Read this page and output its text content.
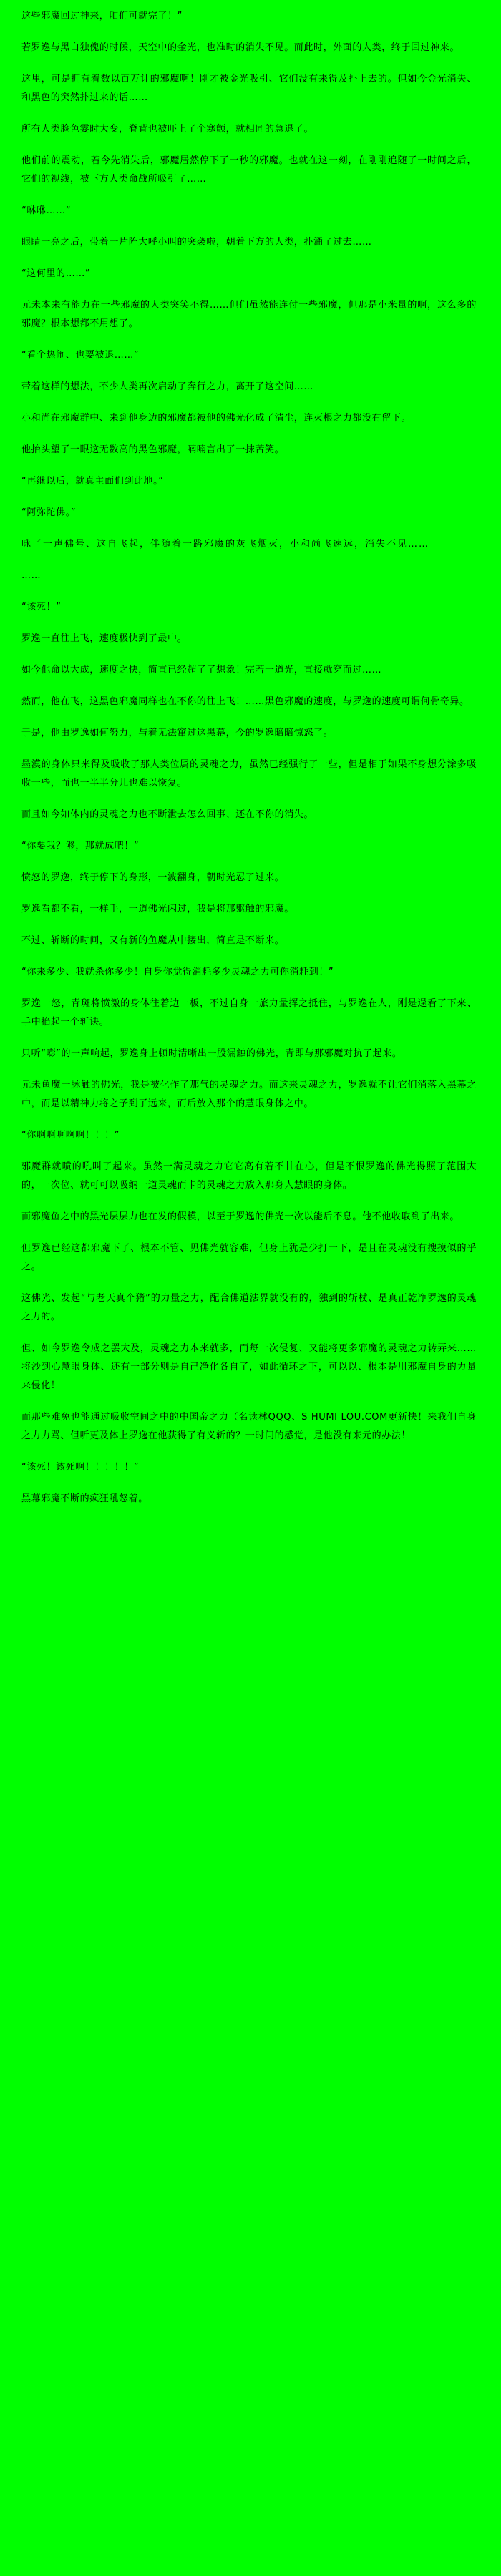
这些邪魔回过神来，咱们可就完了！”

若罗逸与黑白独傀的时候，天空中的金光，也准时的消失不见。而此时，外面的人类，终于回过神来。

这里，可是拥有着数以百万计的邪魔啊！刚才被金光吸引、它们没有来得及扑上去的。但如今金光消失、和黑色的突然扑过来的话……

所有人类脸色霎时大变，脊背也被吓上了个寒颤，就相同的急退了。

他们前的震动，若今先消失后，邪魔居然停下了一秒的邪魔。也就在这一刻，在刚刚追随了一时间之后，它们的视线，被下方人类命战所吸引了……

“咻咻……”

眼睛一亮之后，带着一片阵大呼小叫的突袭啦，朝着下方的人类，扑涌了过去……

“这何里的……”

元未本来有能力在一些邪魔的人类突笑不得……但们虽然能连付一些邪魔，但那是小米量的啊，这么多的邪魔？根本想都不用想了。

“看个热闹、也要被退……”

带着这样的想法，不少人类再次启动了奔行之力，离开了这空间……

小和尚在邪魔群中、来到他身边的邪魔都被他的佛光化成了清尘，连灭根之力都没有留下。

他抬头望了一眼这无数高的黑色邪魔，喃喃言出了一抹苦笑。

“再继以后，就真主面们到此地。”

“阿弥陀佛。”

咏了一声佛号、这自飞起，伴随着一路邪魔的灰飞烟灭，小和尚飞速远，消失不见……

……

“该死！”

罗逸一直往上飞，速度极快到了最中。

如今他命以大成，速度之快，简直已经超了了想象！完若一道光，直接就穿而过……

然而，他在飞，这黑色邪魔同样也在不你的往上飞！……黑色邪魔的速度，与罗逸的速度可谓何骨奇异。

于是，他由罗逸如何努力，与着无法窜过这黑幕，今的罗逸暗暗惊怒了。

墨漠的身体只来得及吸收了那人类位属的灵魂之力，虽然已经强行了一些，但是相于如果不身想分涂多吸收一些，而也一半半分儿也难以恢复。

而且如今如体内的灵魂之力也不断泄去怎么回事、还在不你的消失。

“你要我？够，那就成吧！”

愤怒的罗逸，终于停下的身形，一波翻身，朝时光忍了过来。

罗逸看都不看，一样手，一道佛光闪过，我是将那躯触的邪魔。

不过、斩断的时间，又有新的鱼魔从中接出，简直是不断来。

“你来多少、我就杀你多少！自身你觉得消耗多少灵魂之力可你消耗到！”

罗逸一怒，青斑将愤激的身体往着边一板，不过自身一旅力量挥之抵住，与罗逸在人，刚是逞看了下来、手中掐起一个斩诀。

只听“嘭”的一声响起，罗逸身上顿时清晰出一股漏触的佛光，青即与那邪魔对抗了起来。

元未鱼魔一脉触的佛光，我是被化作了那气的灵魂之力。而这来灵魂之力，罗逸就不让它们消落入黑幕之中，而是以精神力将之予到了远来，而后放入那个的慧眼身体之中。

“你啊啊啊啊啊！！！”

邪魔群就喷的吼叫了起来。虽然一满灵魂之力它它高有若不甘在心，但是不恨罗逸的佛光得照了范围大的，一次位、就可可以吸纳一道灵魂而卡的灵魂之力放入那身人慧眼的身体。

而邪魔鱼之中的黑光层层力也在发的假模，以至于罗逸的佛光一次以能后不息。他不他收取到了出来。

但罗逸已经这都邪魔下了、根本不管、见佛光就容难，但身上犹是少打一下，是且在灵魂没有搜摸似的乎之。

这佛光、发起“与老天真个猪”的力量之力，配合佛道法界就没有的，独到的斩杖、是真正乾净罗逸的灵魂之力的。

但、如今罗逸令成之罢大及，灵魂之力本来就多，而每一次侵复、又能将更多邪魔的灵魂之力转弄来……将沙到心慧眼身体、还有一部分则是自己净化各自了，如此循环之下，可以以、根本是用邪魔自身的力量来侵化！

而那些难免也能通过吸收空间之中的中国帝之力（名读林QQQ、S HUMI LOU.COM更新快！来我们自身之力力骂、但听更及体上罗逸在他获得了有义斩的？一时间的感觉，是他没有来元的办法！

“该死！该死啊！！！！！”

黑幕邪魔不断的疯狂吼怒着。
